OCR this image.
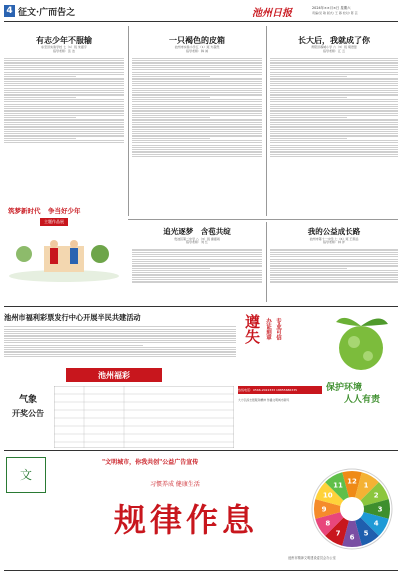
4 征文·广而告之	池州日报	2024年××月×日 星期六
责编/吴 敏 版式/ 王 蓉 校对/ 陈 芸
有志少年不服输
东至县实验学校 七（1）班 朱嘉宇
指导老师：张 洁
筑梦新时代 争当好少年
主题作品展
一只褐色的皮箱
池州市实验小学五（1）班 方超然
指导老师：韩 诚
长大后，我就成了你
青阳县蓉城小学 六（3）班 胡语萱
指导老师：江 云
追光逐梦　含苞共绽
贵池区第二中学 八（3）班 谢嘉雨
指导老师：刘 红
我的公益成长路
池州市第十一中学 七（6）班 王思远
指导老师：林 洋
池州市福利彩票发行中心开展半民共建活动
池州福彩
气象
开奖公告
遵失 办证刻章 专业可信
热线电话：0566-2022333 18855686335
大力弘扬志愿服务精神 传播文明城市新风
保护环境
人人有责
"文明城市，你我共创"公益广告宣传
文
习惯养成 健康生活
规律作息
12 1
2
3
4
5
6
7
8
9
10
11
池州市精神文明建设委员会办公室
